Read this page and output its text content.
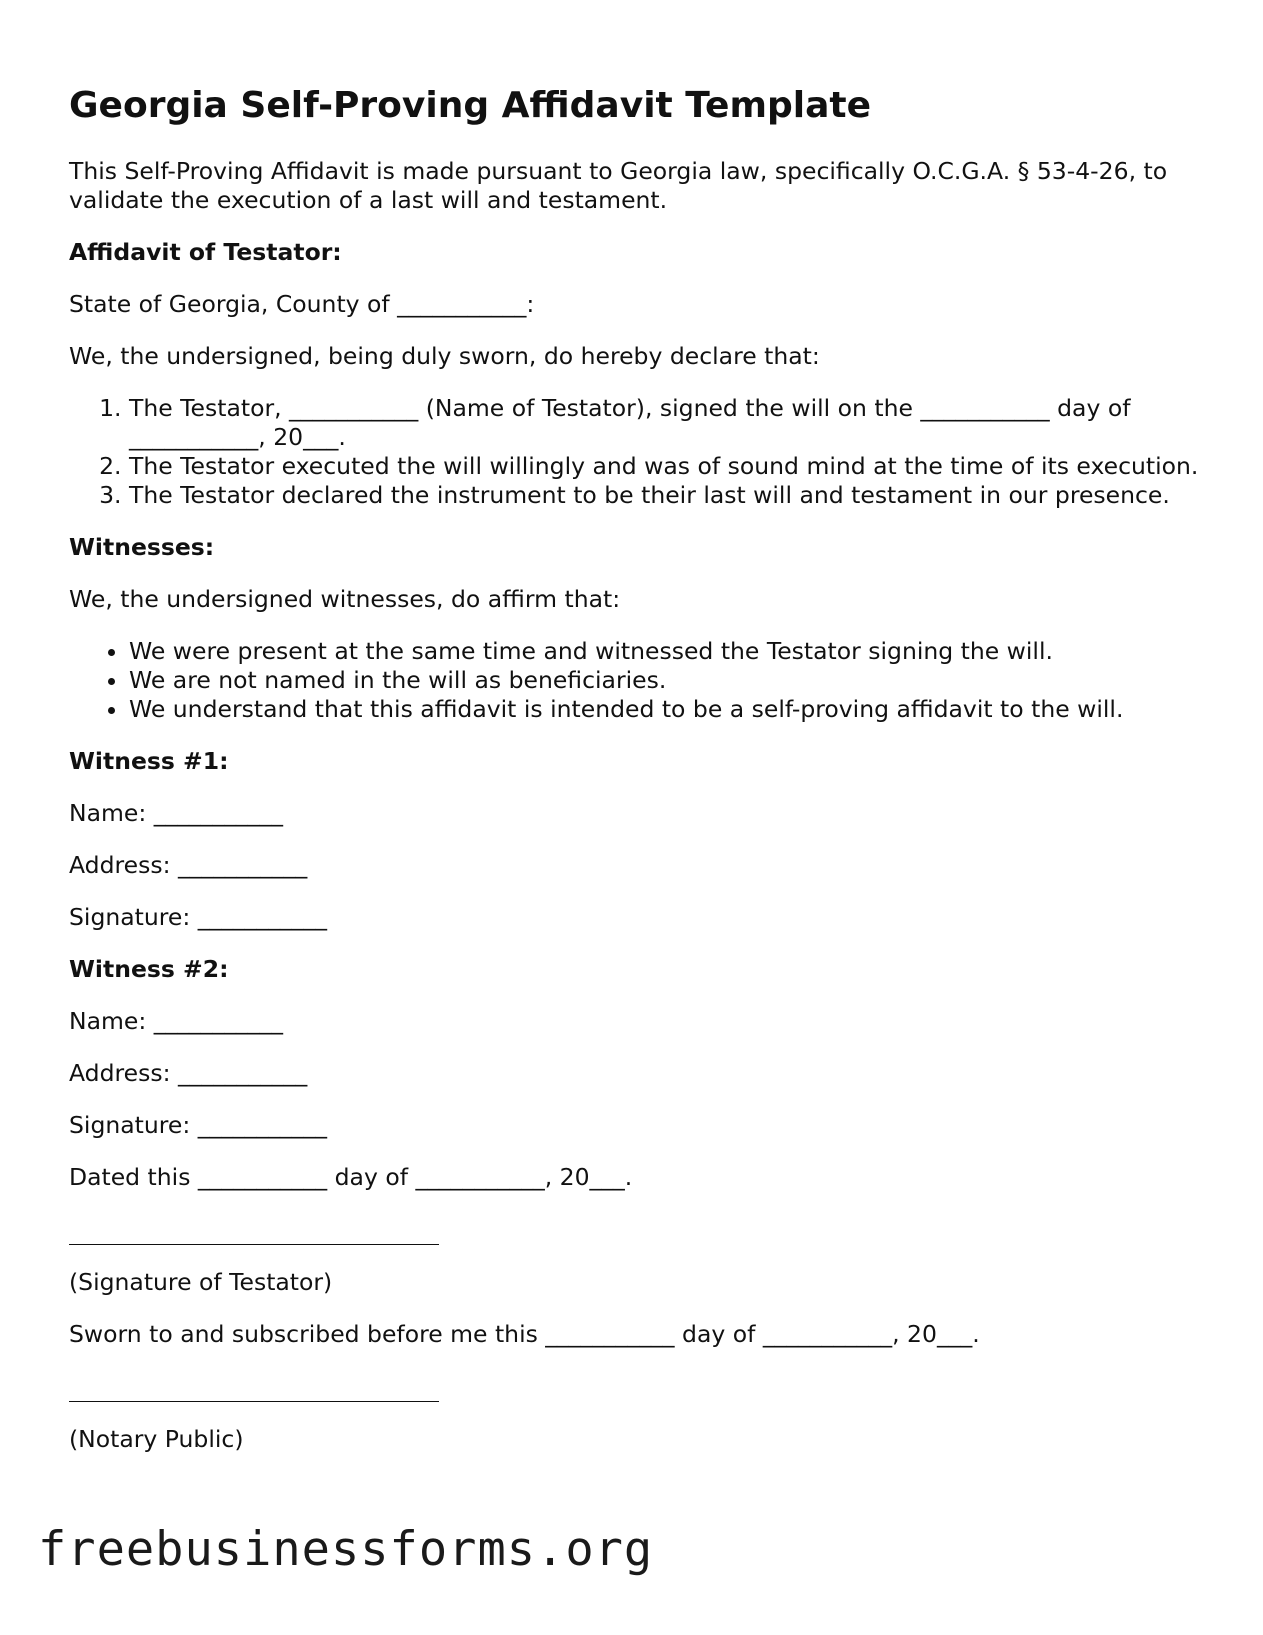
Georgia Self-Proving Affidavit Template

This Self-Proving Affidavit is made pursuant to Georgia law, specifically O.C.G.A. § 53-4-26, to validate the execution of a last will and testament.

Affidavit of Testator:

State of Georgia, County of ___________:

We, the undersigned, being duly sworn, do hereby declare that:

1. The Testator, ___________ (Name of Testator), signed the will on the ___________ day of ___________, 20___.
2. The Testator executed the will willingly and was of sound mind at the time of its execution.
3. The Testator declared the instrument to be their last will and testament in our presence.

Witnesses:

We, the undersigned witnesses, do affirm that:

• We were present at the same time and witnessed the Testator signing the will.
• We are not named in the will as beneficiaries.
• We understand that this affidavit is intended to be a self-proving affidavit to the will.

Witness #1:

Name: ___________

Address: ___________

Signature: ___________

Witness #2:

Name: ___________

Address: ___________

Signature: ___________

Dated this ___________ day of ___________, 20___.

(Signature of Testator)

Sworn to and subscribed before me this ___________ day of ___________, 20___.

(Notary Public)

freebusinessforms.org
